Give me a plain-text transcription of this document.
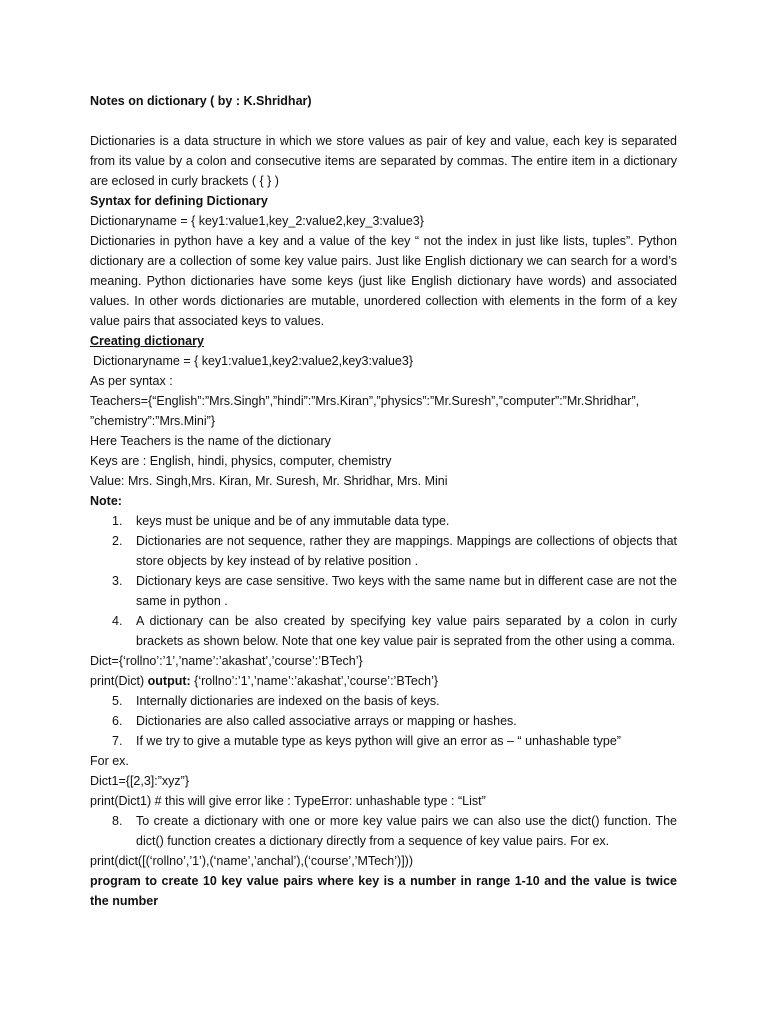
Notes on dictionary ( by : K.Shridhar)

Dictionaries is a data structure in which we store values as pair of key and value, each key is separated from its value by a colon and consecutive items are separated by commas. The entire item in a dictionary are eclosed in curly brackets ( { } )

Syntax for defining Dictionary

Dictionaryname = { key1:value1,key_2:value2,key_3:value3}

Dictionaries in python have a key and a value of the key “ not the index in just like lists, tuples”. Python dictionary are a collection of some key value pairs. Just like English dictionary we can search for a word’s meaning. Python dictionaries have some keys (just like English dictionary have words) and associated values. In other words dictionaries are mutable, unordered collection with elements in the form of a key value pairs that associated keys to values.

Creating dictionary

Dictionaryname = { key1:value1,key2:value2,key3:value3}

As per syntax :

Teachers={“English”:”Mrs.Singh”,”hindi”:”Mrs.Kiran”,”physics”:”Mr.Suresh”,”computer”:”Mr.Shridhar”, ”chemistry”:”Mrs.Mini”}

Here Teachers is the name of the dictionary

Keys are : English, hindi, physics, computer, chemistry

Value: Mrs. Singh,Mrs. Kiran, Mr. Suresh, Mr. Shridhar, Mrs. Mini

Note:

1. keys must be unique and be of any immutable data type.
2. Dictionaries are not sequence, rather they are mappings. Mappings are collections of objects that store objects by key instead of by relative position .
3. Dictionary keys are case sensitive. Two keys with the same name but in different case are not the same in python .
4. A dictionary can be also created by specifying key value pairs separated by a colon in curly brackets as shown below. Note that one key value pair is seprated from the other using a comma.

Dict={‘rollno’:’1’,’name’:’akashat’,’course’:’BTech’}

print(Dict) output: {‘rollno’:’1’,’name’:’akashat’,’course’:’BTech’}

5. Internally dictionaries are indexed on the basis of keys.
6. Dictionaries are also called associative arrays or mapping or hashes.
7. If we try to give a mutable type as keys python will give an error as – “ unhashable type”

For ex.

Dict1={[2,3]:”xyz”}

print(Dict1) # this will give error like : TypeError: unhashable type : “List”

8. To create a dictionary with one or more key value pairs we can also use the dict() function. The dict() function creates a dictionary directly from a sequence of key value pairs. For ex.

print(dict([(‘rollno’,’1’),(‘name’,’anchal’),(‘course’,’MTech’)]))

program to create 10 key value pairs where key is a number in range 1-10 and the value is twice the number
